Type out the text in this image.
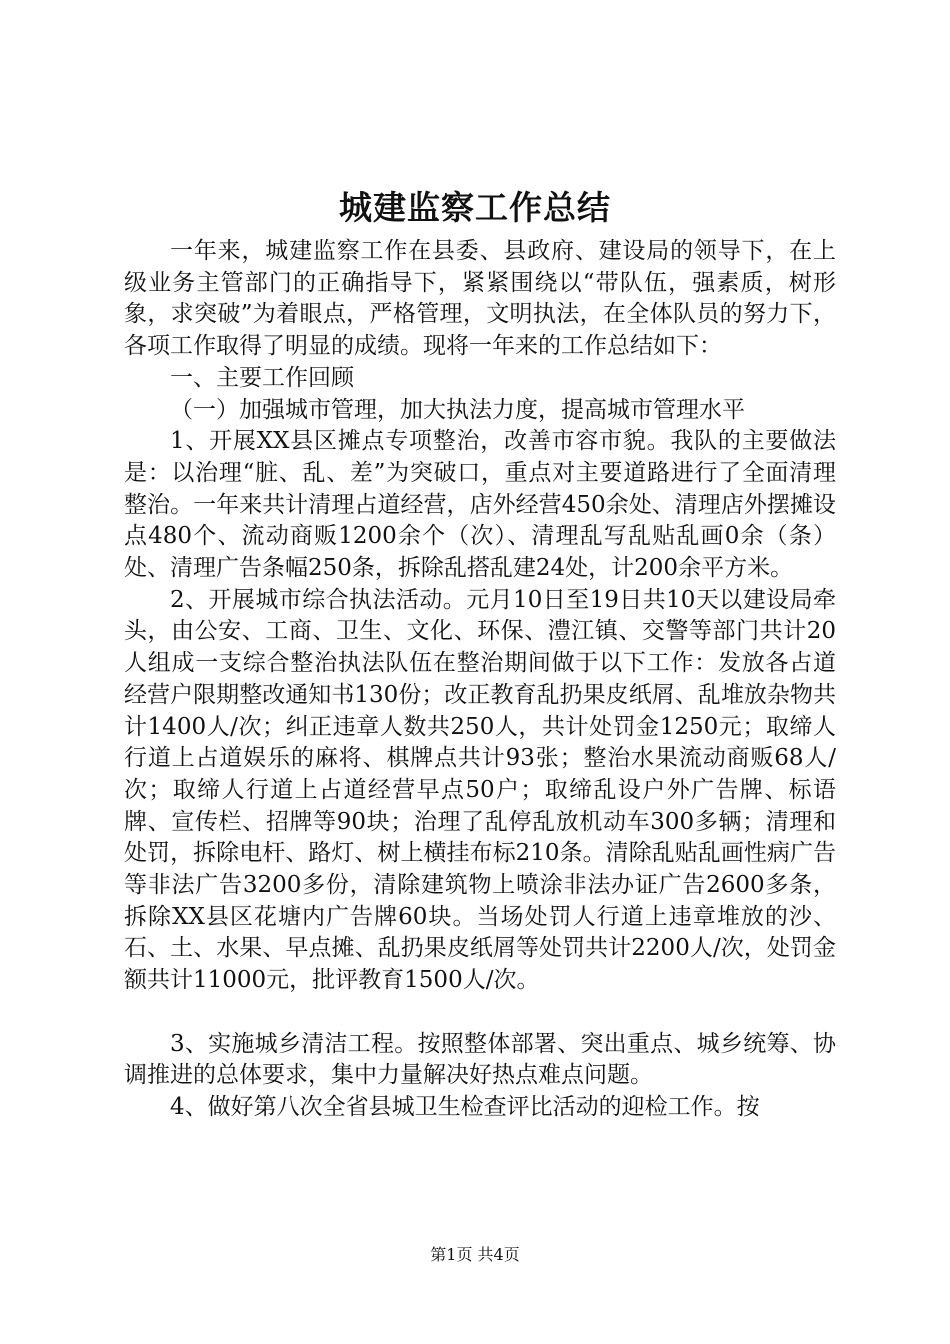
城建监察工作总结

一年来，城建监察工作在县委、县政府、建设局的领导下，在上级业务主管部门的正确指导下，紧紧围绕以“带队伍，强素质，树形象，求突破”为着眼点，严格管理，文明执法，在全体队员的努力下，各项工作取得了明显的成绩。现将一年来的工作总结如下：

一、主要工作回顾

（一）加强城市管理，加大执法力度，提高城市管理水平

1、开展XX县区摊点专项整治，改善市容市貌。我队的主要做法是：以治理“脏、乱、差”为突破口，重点对主要道路进行了全面清理整治。一年来共计清理占道经营，店外经营450余处、清理店外摆摊设点480个、流动商贩1200余个（次）、清理乱写乱贴乱画0余（条）处、清理广告条幅250条，拆除乱搭乱建24处，计200余平方米。

2、开展城市综合执法活动。元月10日至19日共10天以建设局牵头，由公安、工商、卫生、文化、环保、澧江镇、交警等部门共计20人组成一支综合整治执法队伍在整治期间做于以下工作：发放各占道经营户限期整改通知书130份；改正教育乱扔果皮纸屑、乱堆放杂物共计1400人/次；纠正违章人数共250人，共计处罚金1250元；取缔人行道上占道娱乐的麻将、棋牌点共计93张；整治水果流动商贩68人/次；取缔人行道上占道经营早点50户；取缔乱设户外广告牌、标语牌、宣传栏、招牌等90块；治理了乱停乱放机动车300多辆；清理和处罚，拆除电杆、路灯、树上横挂布标210条。清除乱贴乱画性病广告等非法广告3200多份，清除建筑物上喷涂非法办证广告2600多条，拆除XX县区花塘内广告牌60块。当场处罚人行道上违章堆放的沙、石、土、水果、早点摊、乱扔果皮纸屑等处罚共计2200人/次，处罚金额共计11000元，批评教育1500人/次。

3、实施城乡清洁工程。按照整体部署、突出重点、城乡统筹、协调推进的总体要求，集中力量解决好热点难点问题。

4、做好第八次全省县城卫生检查评比活动的迎检工作。按

第1页 共4页
